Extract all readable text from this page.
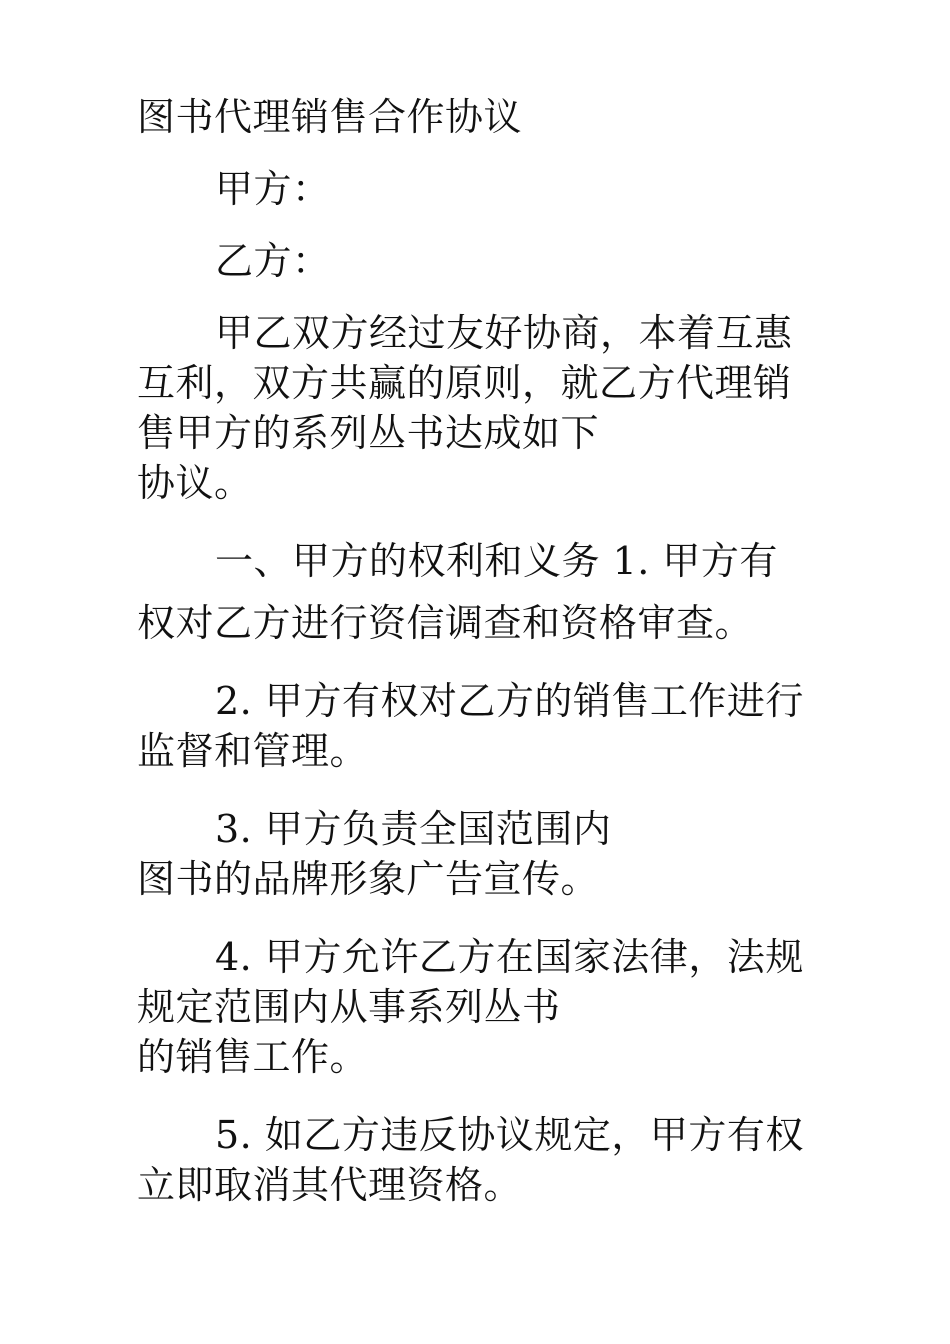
图书代理销售合作协议
甲方：
乙方：
甲乙双方经过友好协商，本着互惠
互利，双方共赢的原则，就乙方代理销
售甲方的系列丛书达成如下
协议。
一、甲方的权利和义务 1. 甲方有
权对乙方进行资信调查和资格审查。
2. 甲方有权对乙方的销售工作进行
监督和管理。
3. 甲方负责全国范围内
图书的品牌形象广告宣传。
4. 甲方允许乙方在国家法律，法规
规定范围内从事系列丛书
的销售工作。
5. 如乙方违反协议规定，甲方有权
立即取消其代理资格。
